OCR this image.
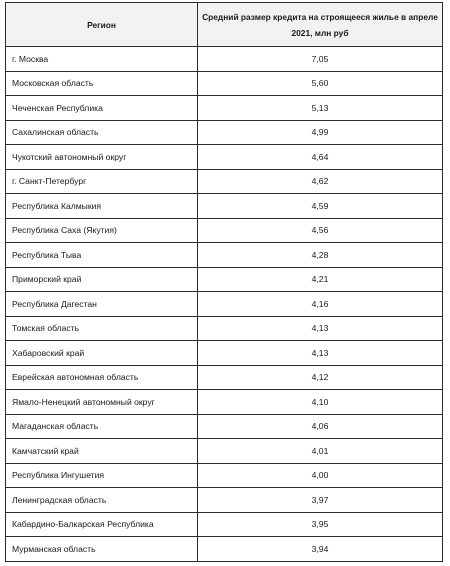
Регион	Средний размер кредита на строящееся жилье в апреле 2021, млн руб
г. Москва	7,05
Московская область	5,60
Чеченская Республика	5,13
Сахалинская область	4,99
Чукотский автономный округ	4,64
г. Санкт-Петербург	4,62
Республика Калмыкия	4,59
Республика Саха (Якутия)	4,56
Республика Тыва	4,28
Приморский край	4,21
Республика Дагестан	4,16
Томская область	4,13
Хабаровский край	4,13
Еврейская автономная область	4,12
Ямало-Ненецкий автономный округ	4,10
Магаданская область	4,06
Камчатский край	4,01
Республика Ингушетия	4,00
Ленинградская область	3,97
Кабардино-Балкарская Республика	3,95
Мурманская область	3,94
